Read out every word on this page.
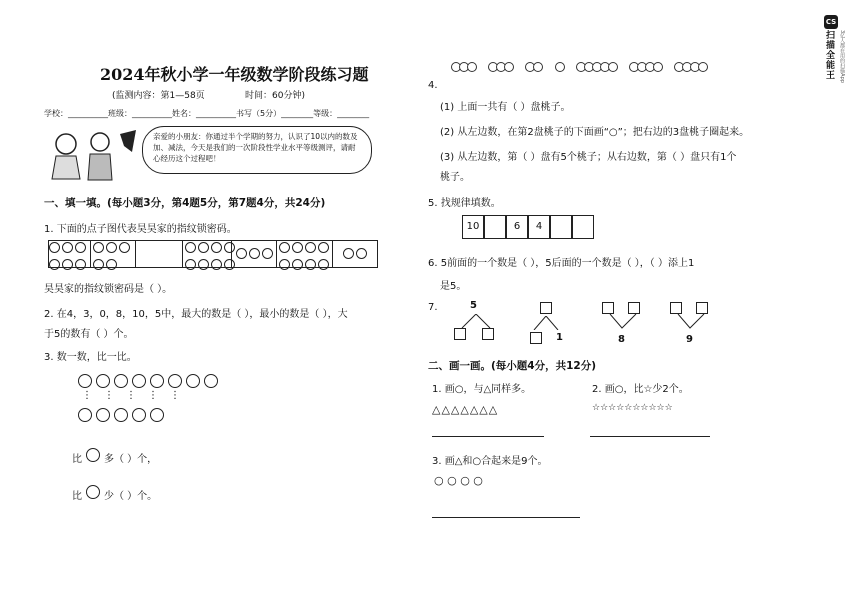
2024年秋小学一年级数学阶段练习题
(监测内容：第1—58页	时间：60分钟)
学校：__________班级：__________姓名：__________书写（5分）________等级：________
亲爱的小朋友：你通过半个学期的努力，认识了10以内的数及加、减法，今天是我们的一次阶段性学业水平等级测评，请耐心经历这个过程吧！
一、填一填。(每小题3分，第4题5分，第7题4分，共24分)
1. 下面的点子图代表昊昊家的指纹锁密码。

昊昊家的指纹锁密码是（ ）。
2. 在4，3，0，8，10，5中，最大的数是（ ），最小的数是（ ），大
于5的数有（ ）个。
3. 数一数，比一比。
⋮⋮⋮⋮⋮
比 多（ ）个，
比 少（ ）个。
4.

(1) 上面一共有（ ）盘桃子。
(2) 从左边数，在第2盘桃子的下面画“○”；把右边的3盘桃子圈起来。
(3) 从左边数，第（ ）盘有5个桃子；从右边数，第（ ）盘只有1个
桃子。
5. 找规律填数。
10	6	4
6. 5前面的一个数是（ ），5后面的一个数是（ ），（ ）添上1
是5。
7.	5
1	8	9
二、画一画。(每小题4分，共12分)
1. 画○，与△同样多。
△△△△△△△
2. 画○，比☆少2个。
☆☆☆☆☆☆☆☆☆☆
3. 画△和○合起来是9个。
○ ○ ○ ○
CS
扫描全能王	3亿人都在用的扫描App
